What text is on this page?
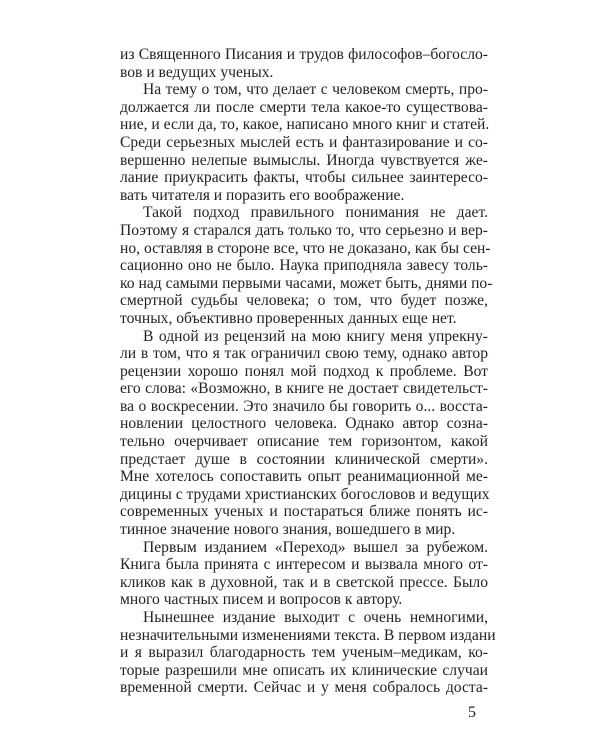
из Священного Писания и трудов философов–богосло-
вов и ведущих ученых.
На тему о том, что делает с человеком смерть, про-
должается ли после смерти тела какое-то существова-
ние, и если да, то, какое, написано много книг и статей.
Среди серьезных мыслей есть и фантазирование и со-
вершенно нелепые вымыслы. Иногда чувствуется же-
лание приукрасить факты, чтобы сильнее заинтересо-
вать читателя и поразить его воображение.
Такой подход правильного понимания не дает.
Поэтому я старался дать только то, что серьезно и вер-
но, оставляя в стороне все, что не доказано, как бы сен-
сационно оно не было. Наука приподняла завесу толь-
ко над самыми первыми часами, может быть, днями по-
смертной судьбы человека; о том, что будет позже,
точных, объективно проверенных данных еще нет.
В одной из рецензий на мою книгу меня упрекну-
ли в том, что я так ограничил свою тему, однако автор
рецензии хорошо понял мой подход к проблеме. Вот
его слова: «Возможно, в книге не достает свидетельст-
ва о воскресении. Это значило бы говорить о... восста-
новлении целостного человека. Однако автор созна-
тельно очерчивает описание тем горизонтом, какой
предстает душе в состоянии клинической смерти».
Мне хотелось сопоставить опыт реанимационной ме-
дицины с трудами христианских богословов и ведущих
современных ученых и постараться ближе понять ис-
тинное значение нового знания, вошедшего в мир.
Первым изданием «Переход» вышел за рубежом.
Книга была принята с интересом и вызвала много от-
кликов как в духовной, так и в светской прессе. Было
много частных писем и вопросов к автору.
Нынешнее издание выходит с очень немногими,
незначительными изменениями текста. В первом издани
и я выразил благодарность тем ученым–медикам, ко-
торые разрешили мне описать их клинические случаи
временной смерти. Сейчас и у меня собралось доста-
5
